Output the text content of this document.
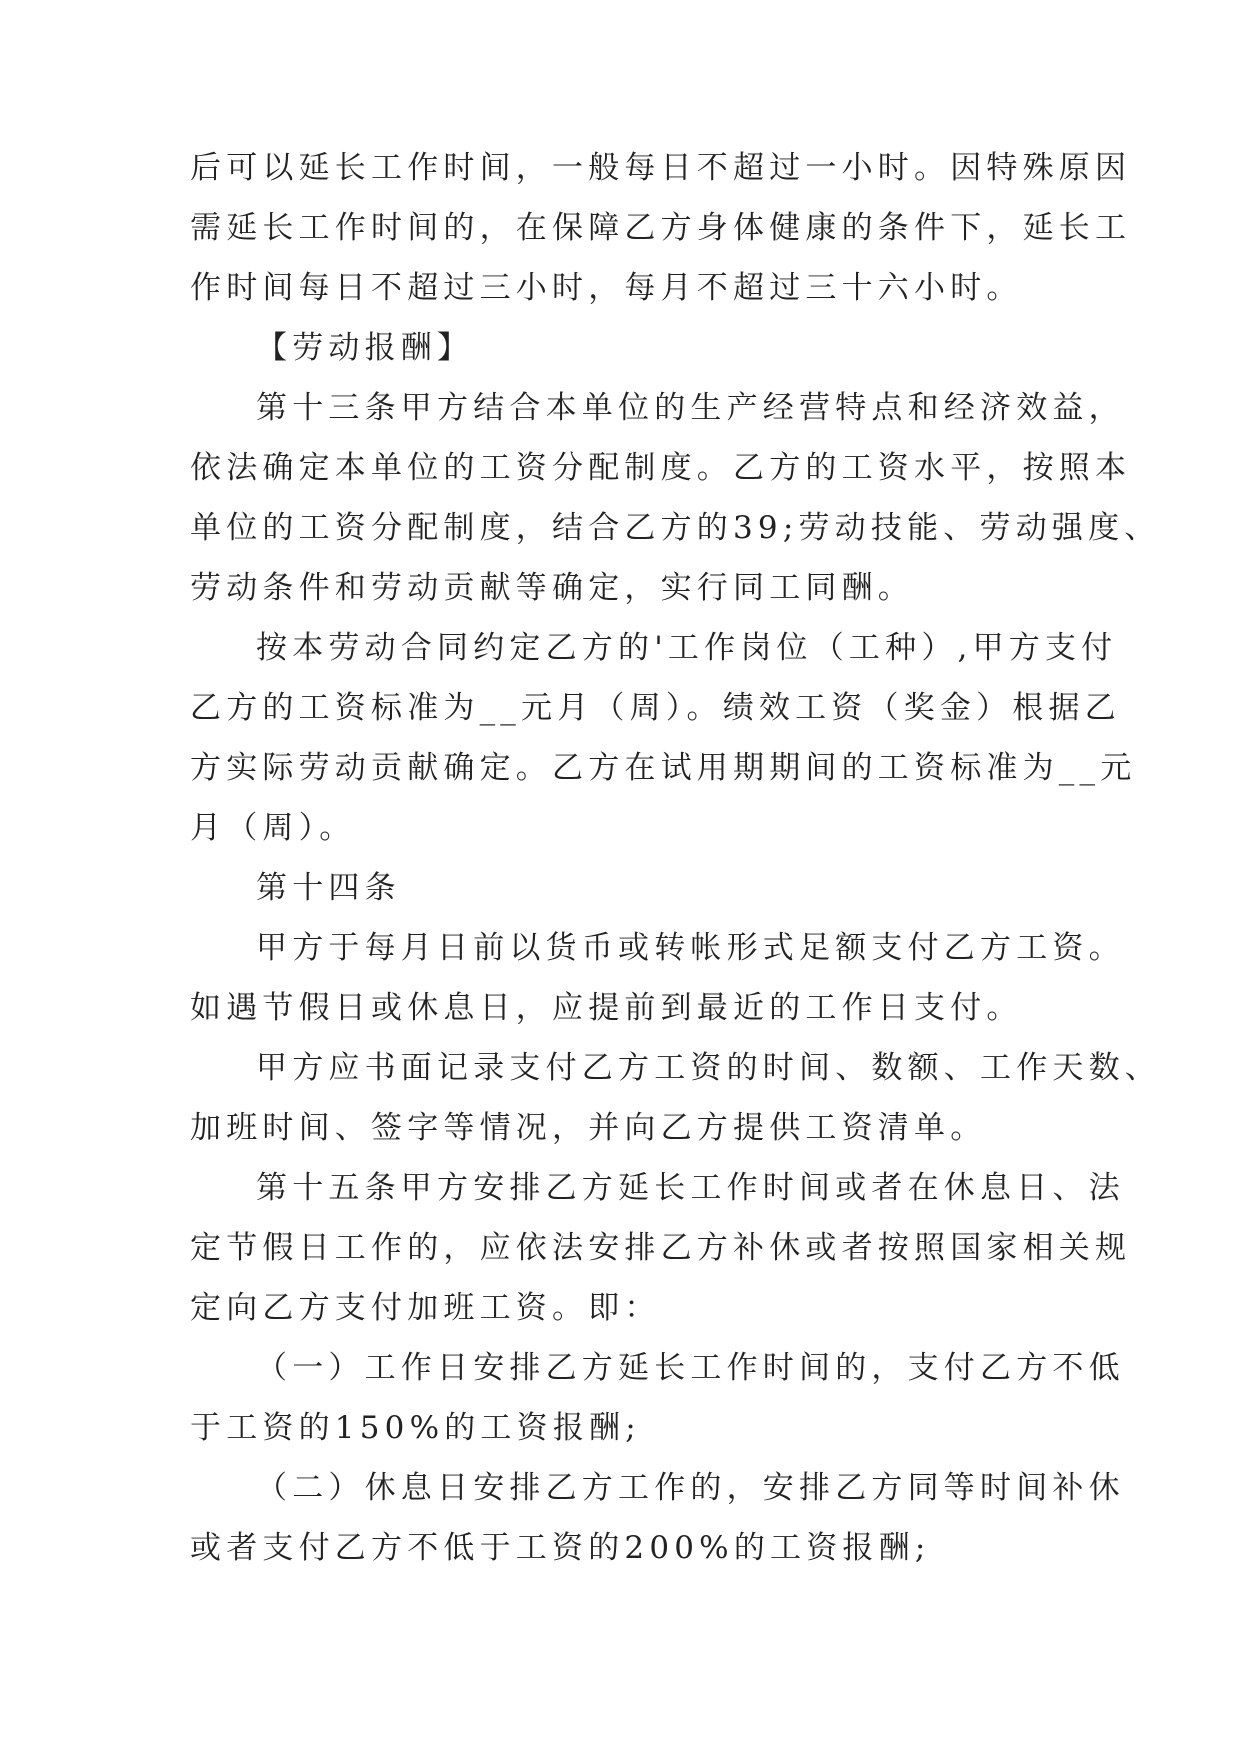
后可以延长工作时间，一般每日不超过一小时。因特殊原因
需延长工作时间的，在保障乙方身体健康的条件下，延长工
作时间每日不超过三小时，每月不超过三十六小时。
【劳动报酬】
第十三条甲方结合本单位的生产经营特点和经济效益，
依法确定本单位的工资分配制度。乙方的工资水平，按照本
单位的工资分配制度，结合乙方的39;劳动技能、劳动强度、
劳动条件和劳动贡献等确定，实行同工同酬。
按本劳动合同约定乙方的'工作岗位（工种）,甲方支付
乙方的工资标准为__元月（周）。绩效工资（奖金）根据乙
方实际劳动贡献确定。乙方在试用期期间的工资标准为__元
月（周）。
第十四条
甲方于每月日前以货币或转帐形式足额支付乙方工资。
如遇节假日或休息日，应提前到最近的工作日支付。
甲方应书面记录支付乙方工资的时间、数额、工作天数、
加班时间、签字等情况，并向乙方提供工资清单。
第十五条甲方安排乙方延长工作时间或者在休息日、法
定节假日工作的，应依法安排乙方补休或者按照国家相关规
定向乙方支付加班工资。即：
（一）工作日安排乙方延长工作时间的，支付乙方不低
于工资的150%的工资报酬;
（二）休息日安排乙方工作的，安排乙方同等时间补休
或者支付乙方不低于工资的200%的工资报酬;
